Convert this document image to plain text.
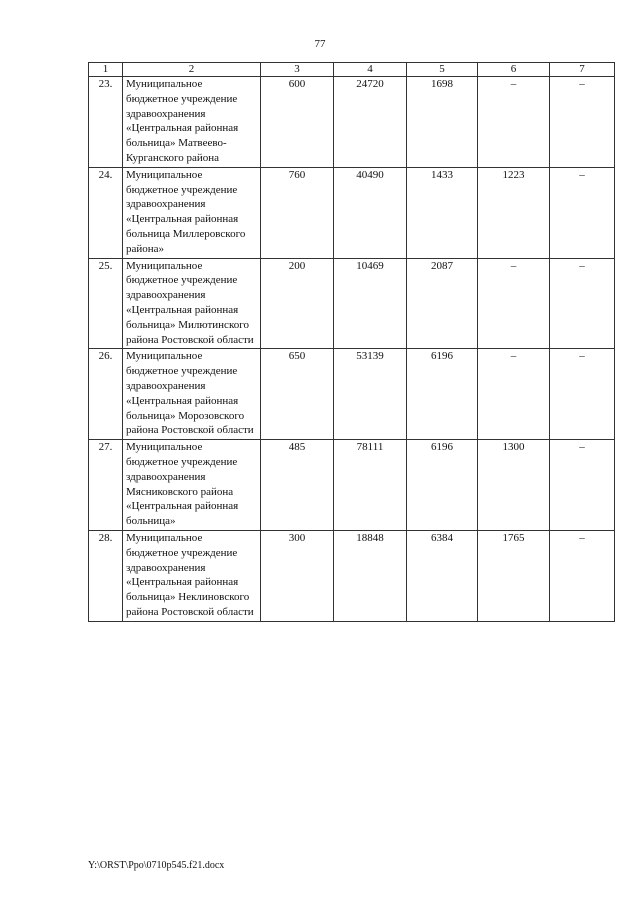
77
1	2	3	4	5	6	7
23.	Муниципальное бюджетное учреждение здравоохранения «Центральная районная больница» Матвеево-Курганского района	600	24720	1698	–	–
24.	Муниципальное бюджетное учреждение здравоохранения «Центральная районная больница Миллеровского района»	760	40490	1433	1223	–
25.	Муниципальное бюджетное учреждение здравоохранения «Центральная районная больница» Милютинского района Ростовской области	200	10469	2087	–	–
26.	Муниципальное бюджетное учреждение здравоохранения «Центральная районная больница» Морозовского района Ростовской области	650	53139	6196	–	–
27.	Муниципальное бюджетное учреждение здравоохранения Мясниковского района «Центральная районная больница»	485	78111	6196	1300	–
28.	Муниципальное бюджетное учреждение здравоохранения «Центральная районная больница» Неклиновского района Ростовской области	300	18848	6384	1765	–
Y:\ORST\Ppo\0710p545.f21.docx
